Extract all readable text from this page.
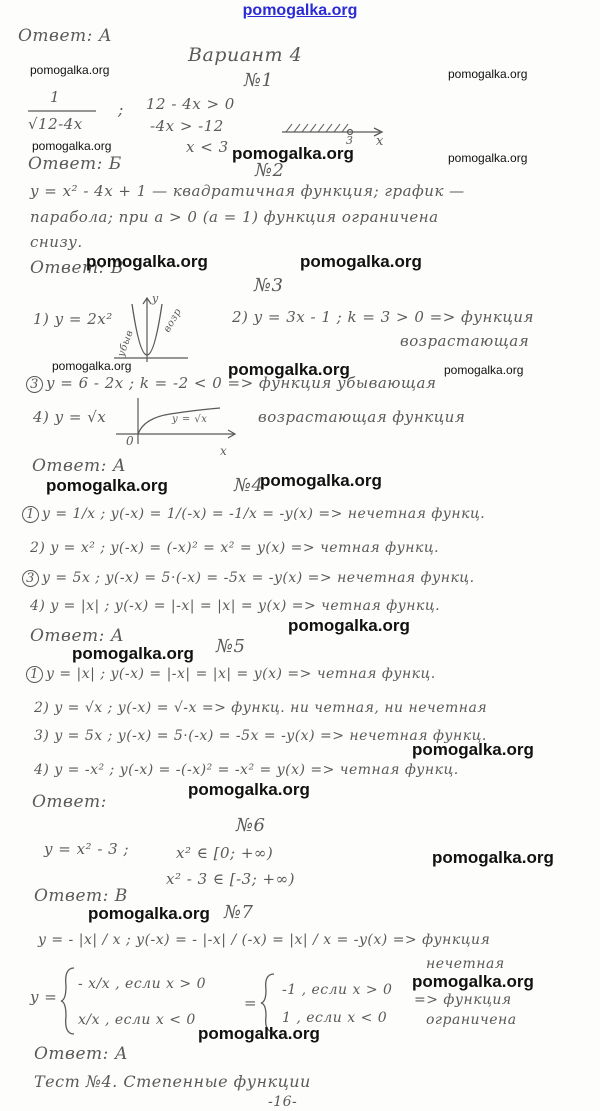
pomogalka.org
Ответ: А
Вариант 4
№1
1
√12-4x
; 12 - 4x > 0
-4x > -12
x < 3	x
3
Ответ: Б	№2
y = x² - 4x + 1 — квадратичная функция; график —
парабола; при a > 0 (a = 1) функция ограничена
снизу.
Ответ: В
№3
1) y = 2x²
убыв
возр
y
2) y = 3x - 1 ; k = 3 > 0 => функция
возрастающая
3 y = 6 - 2x ; k = -2 < 0 => функция убывающая
4) y = √x	y = √x
0
x
возрастающая функция
Ответ: А
№4
1 y = 1/x ; y(-x) = 1/(-x) = -1/x = -y(x) => нечетная функц.
2) y = x² ; y(-x) = (-x)² = x² = y(x) => четная функц.
3 y = 5x ; y(-x) = 5·(-x) = -5x = -y(x) => нечетная функц.
4) y = |x| ; y(-x) = |-x| = |x| = y(x) => четная функц.
Ответ: А	№5
1 y = |x| ; y(-x) = |-x| = |x| = y(x) => четная функц.
2) y = √x ; y(-x) = √-x => функц. ни четная, ни нечетная
3) y = 5x ; y(-x) = 5·(-x) = -5x = -y(x) => нечетная функц.
4) y = -x² ; y(-x) = -(-x)² = -x² = y(x) => четная функц.
Ответ:
№6
y = x² - 3 ;	x² ∈ [0; +∞)
x² - 3 ∈ [-3; +∞)
Ответ: В
№7
y = - |x| / x ; y(-x) = - |-x| / (-x) = |x| / x = -y(x) => функция
нечетная
y =
- x/x , если x > 0
x/x , если x < 0
=
-1 , если x > 0
1 , если x < 0
=> функция
ограничена
Ответ: А
Тест №4. Степенные функции
-16-
pomogalka.org	pomogalka.org
pomogalka.org	pomogalka.org	pomogalka.org
pomogalka.org	pomogalka.org
pomogalka.org	pomogalka.org	pomogalka.org
pomogalka.org
pomogalka.org
pomogalka.org
pomogalka.org
pomogalka.org
pomogalka.org
pomogalka.org
pomogalka.org
pomogalka.org
pomogalka.org
